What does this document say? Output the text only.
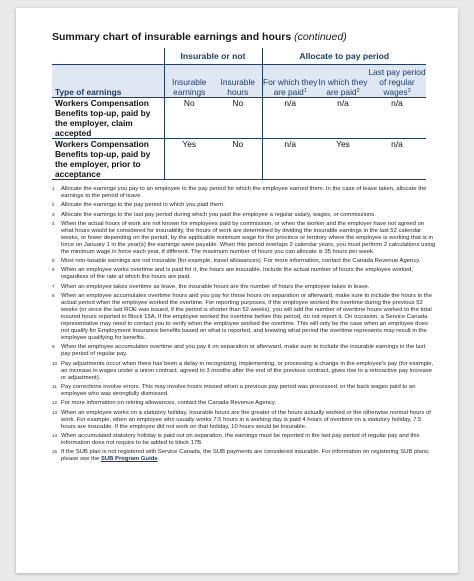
Summary chart of insurable earnings and hours (continued)
	Insurable or not		Allocate to pay period		
Type of earnings	Insurable earnings	Insurable hours	For which they are paid$^1$	In which they are paid$^2$	Last pay period of regular wages$^3$
Workers Compensation Benefits top-up, paid by the employer, claim accepted	No	No	n/a	n/a	n/a
Workers Compensation Benefits top-up, paid by the employer, prior to acceptance	Yes	No	n/a	Yes	n/a
1	Allocate the earnings you pay to an employee to the pay period for which the employee earned them. In the case of leave taken, allocate the earnings to the period of leave.
2	Allocate the earnings to the pay period in which you paid them.
3	Allocate the earnings to the last pay period during which you paid the employee a regular salary, wages, or commissions.
4	When the actual hours of work are not known for employees paid by commission, or when the worker and the employer have not agreed on what hours would be considered for insurability, the hours of work are determined by dividing the insurable earnings in the last 52 calendar weeks, or fewer depending on the period, by the applicable minimum wage for the province or territory where the employee is working that is in force on January 1 in the year(s) the earnings were payable. When this period overlaps 2 calendar years, you must perform 2 calculations using the minimum wage in force each year, if different. The maximum number of hours you can allocate is 35 hours per week.
5	Most non-taxable earnings are not insurable (for example, travel allowances). For more information, contact the Canada Revenue Agency.
6	When an employee works overtime and is paid for it, the hours are insurable. Include the actual number of hours the employee worked, regardless of the rate at which the hours are paid.
7	When an employee takes overtime as leave, the insurable hours are the number of hours the employee takes in leave.
8	When an employee accumulates overtime hours and you pay for those hours on separation or afterward, make sure to include the hours in the actual period when the employee worked the overtime. For reporting purposes, if the employee worked the overtime during the previous 52 weeks (or since the last ROE was issued, if the period is shorter than 52 weeks), you will add the number of overtime hours worked to the total insured hours reported in Block 15A. If the employee worked the overtime before this period, do not report it. On occasion, a Service Canada representative may need to contact you to verify when the employee worked the overtime. This will only be the case when an employee does not qualify for Employment Insurance benefits based on what is reported, and knowing what period the overtime represents may result in the employee qualifying for benefits.
9	When the employee accumulates overtime and you pay it on separation or afterward, make sure to include the insurable earnings in the last pay period of regular pay.
10 Pay adjustments occur when there has been a delay in recognizing, implementing, or processing a change in the employee's pay (for example, an increase in wages under a union contract, agreed to 3 months after the end of the previous contract, gives rise to a retroactive pay increase or adjustment).
11 Pay corrections involve errors. This may involve hours missed when a previous pay period was processed, or the back wages paid to an employee who was wrongfully dismissed.
12 For more information on retiring allowances, contact the Canada Revenue Agency.
13 When an employee works on a statutory holiday, insurable hours are the greater of the hours actually worked or the otherwise normal hours of work. For example, when an employee who usually works 7.5 hours in a working day is paid 4 hours of overtime on a statutory holiday, 7.5 hours are insurable. If the employee did not work on that holiday, 10 hours would be insurable.
14 When accumulated statutory holiday is paid out on separation, the earnings must be reported in the last pay period of regular pay and this information does not require to be added to block 17B.
15 If the SUB plan is not registered with Service Canada, the SUB payments are considered insurable. For information on registering SUB plans, please see the SUB Program Guide.
